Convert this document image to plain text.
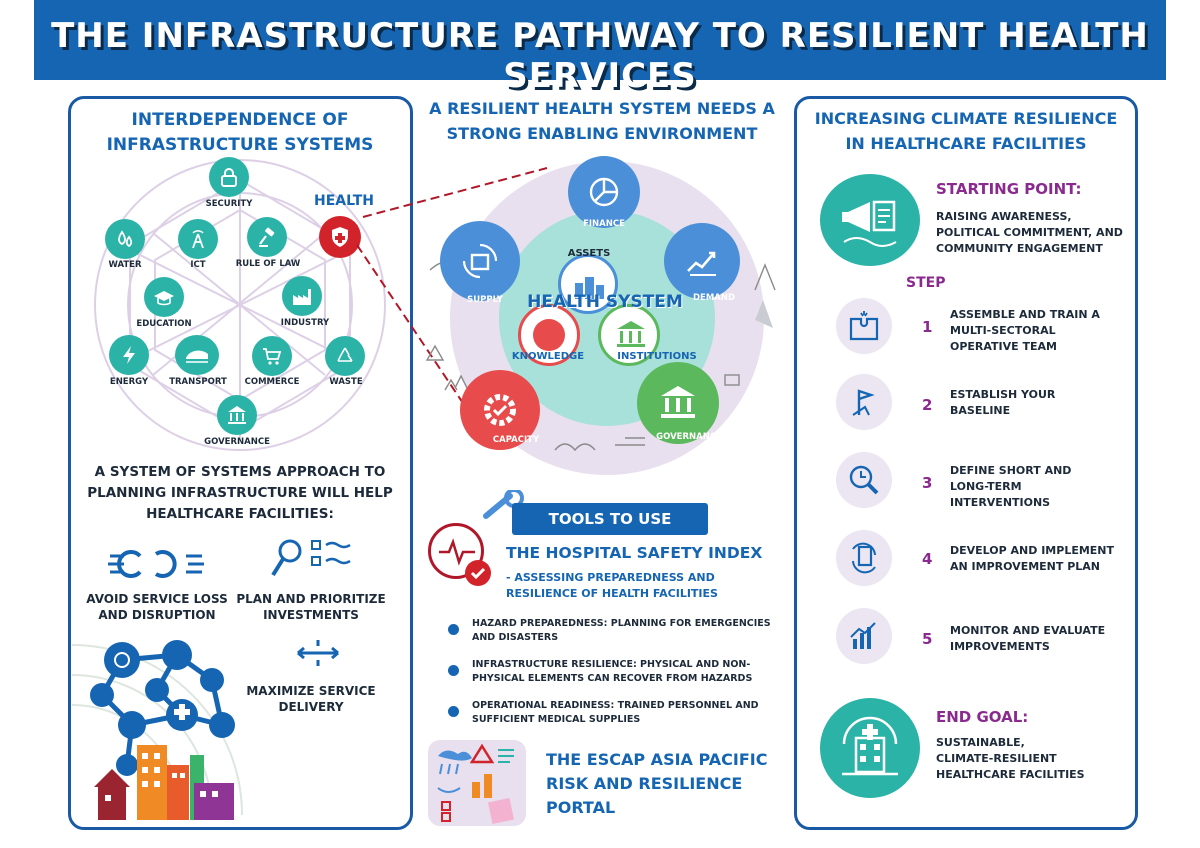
THE INFRASTRUCTURE PATHWAY TO RESILIENT HEALTH SERVICES
INTERDEPENDENCE OF
INFRASTRUCTURE SYSTEMS
SECURITY
WATER	ICT	RULE OF LAW
EDUCATION	INDUSTRY
ENERGY TRANSPORT COMMERCE	WASTE
GOVERNANCE
HEALTH
A SYSTEM OF SYSTEMS APPROACH TO
PLANNING INFRASTRUCTURE WILL HELP
HEALTHCARE FACILITIES:
AVOID SERVICE LOSS
AND DISRUPTION
PLAN AND PRIORITIZE
INVESTMENTS
MAXIMIZE SERVICE
DELIVERY
A RESILIENT HEALTH SYSTEM NEEDS A
STRONG ENABLING ENVIRONMENT
FINANCE
DEMAND
SUPPLY
CAPACITY	GOVERNANCE
ASSETS
KNOWLEDGE	INSTITUTIONS
HEALTH SYSTEM
TOOLS TO USE
THE HOSPITAL SAFETY INDEX
- ASSESSING PREPAREDNESS AND
RESILIENCE OF HEALTH FACILITIES
HAZARD PREPAREDNESS: PLANNING FOR EMERGENCIES
AND DISASTERS
INFRASTRUCTURE RESILIENCE: PHYSICAL AND NON-
PHYSICAL ELEMENTS CAN RECOVER FROM HAZARDS
OPERATIONAL READINESS: TRAINED PERSONNEL AND
SUFFICIENT MEDICAL SUPPLIES
THE ESCAP ASIA PACIFIC
RISK AND RESILIENCE
PORTAL
INCREASING CLIMATE RESILIENCE
IN HEALTHCARE FACILITIES
STARTING POINT:
RAISING AWARENESS,
POLITICAL COMMITMENT, AND
COMMUNITY ENGAGEMENT
STEP
1
ASSEMBLE AND TRAIN A
MULTI-SECTORAL
OPERATIVE TEAM
2
ESTABLISH YOUR
BASELINE
3
DEFINE SHORT AND
LONG-TERM
INTERVENTIONS
4 DEVELOP AND IMPLEMENT
AN IMPROVEMENT PLAN
5 MONITOR AND EVALUATE
IMPROVEMENTS
END GOAL:
SUSTAINABLE,
CLIMATE-RESILIENT
HEALTHCARE FACILITIES
